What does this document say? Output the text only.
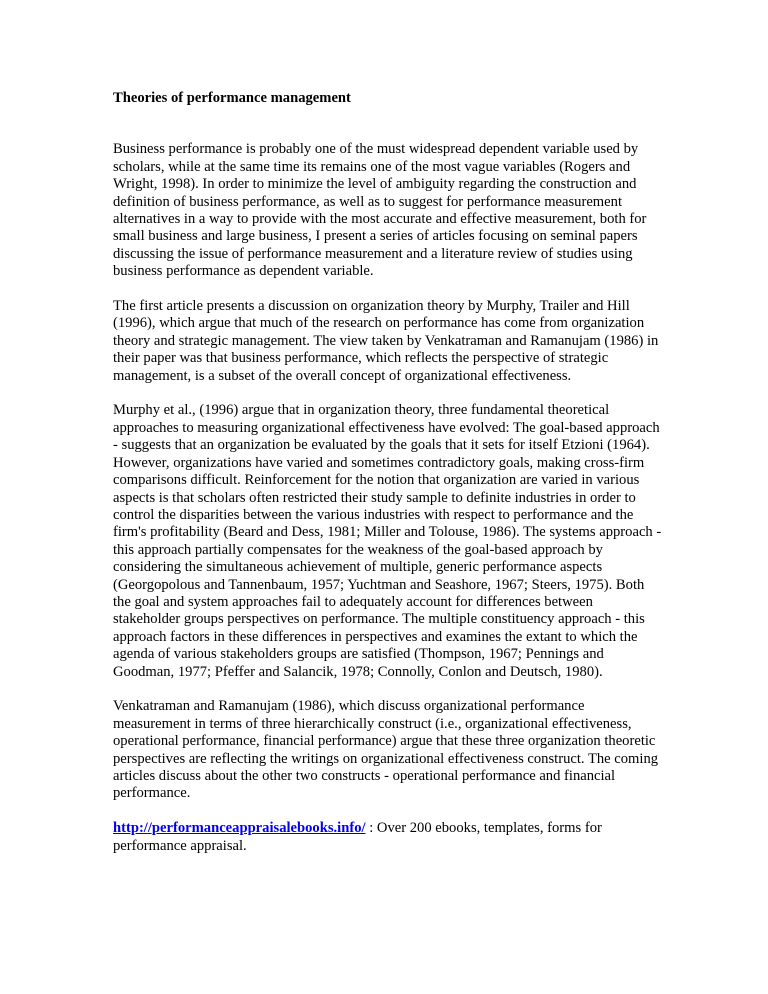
Theories of performance management

Business performance is probably one of the must widespread dependent variable used by scholars, while at the same time its remains one of the most vague variables (Rogers and Wright, 1998). In order to minimize the level of ambiguity regarding the construction and definition of business performance, as well as to suggest for performance measurement alternatives in a way to provide with the most accurate and effective measurement, both for small business and large business, I present a series of articles focusing on seminal papers discussing the issue of performance measurement and a literature review of studies using business performance as dependent variable.

The first article presents a discussion on organization theory by Murphy, Trailer and Hill (1996), which argue that much of the research on performance has come from organization theory and strategic management. The view taken by Venkatraman and Ramanujam (1986) in their paper was that business performance, which reflects the perspective of strategic management, is a subset of the overall concept of organizational effectiveness.

Murphy et al., (1996) argue that in organization theory, three fundamental theoretical approaches to measuring organizational effectiveness have evolved: The goal-based approach - suggests that an organization be evaluated by the goals that it sets for itself Etzioni (1964). However, organizations have varied and sometimes contradictory goals, making cross-firm comparisons difficult. Reinforcement for the notion that organization are varied in various aspects is that scholars often restricted their study sample to definite industries in order to control the disparities between the various industries with respect to performance and the firm's profitability (Beard and Dess, 1981; Miller and Tolouse, 1986). The systems approach - this approach partially compensates for the weakness of the goal-based approach by considering the simultaneous achievement of multiple, generic performance aspects (Georgopolous and Tannenbaum, 1957; Yuchtman and Seashore, 1967; Steers, 1975). Both the goal and system approaches fail to adequately account for differences between stakeholder groups perspectives on performance. The multiple constituency approach - this approach factors in these differences in perspectives and examines the extant to which the agenda of various stakeholders groups are satisfied (Thompson, 1967; Pennings and Goodman, 1977; Pfeffer and Salancik, 1978; Connolly, Conlon and Deutsch, 1980).

Venkatraman and Ramanujam (1986), which discuss organizational performance measurement in terms of three hierarchically construct (i.e., organizational effectiveness, operational performance, financial performance) argue that these three organization theoretic perspectives are reflecting the writings on organizational effectiveness construct. The coming articles discuss about the other two constructs - operational performance and financial performance.

http://performanceappraisalebooks.info/ : Over 200 ebooks, templates, forms for performance appraisal.
